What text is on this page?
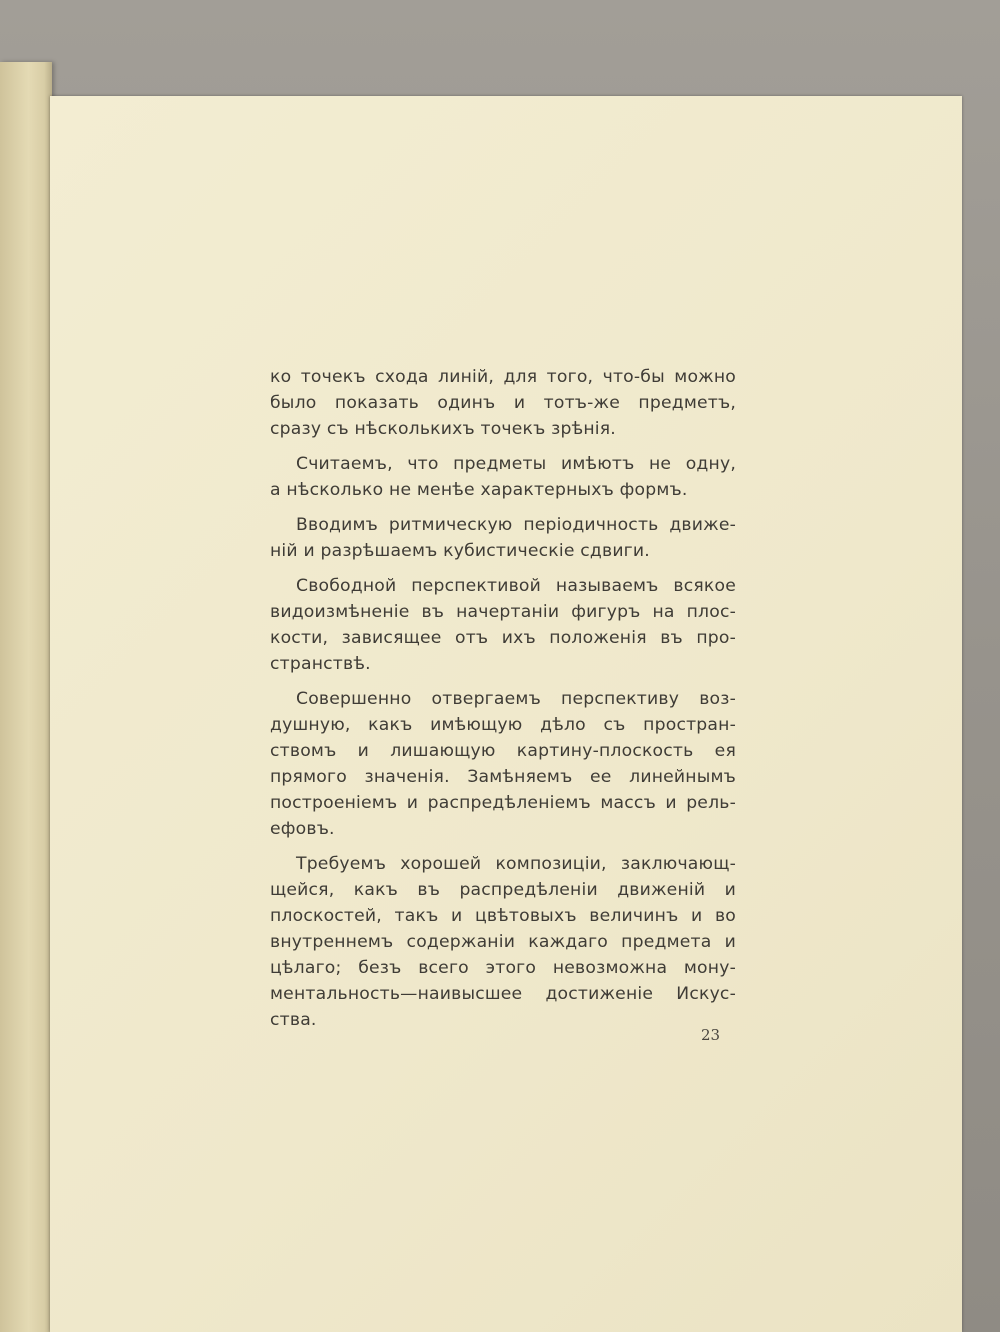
ко точекъ схода линій, для того, что-бы можно
было показать одинъ и тотъ-же предметъ,
сразу съ нѣсколькихъ точекъ зрѣнія.
Считаемъ, что предметы имѣютъ не одну,
а нѣсколько не менѣе характерныхъ формъ.
Вводимъ ритмическую періодичность движе-
ній и разрѣшаемъ кубистическіе сдвиги.
Свободной перспективой называемъ всякое
видоизмѣненіе въ начертаніи фигуръ на плос-
кости, зависящее отъ ихъ положенія въ про-
странствѣ.
Совершенно отвергаемъ перспективу воз-
душную, какъ имѣющую дѣло съ простран-
ствомъ и лишающую картину-плоскость ея
прямого значенія. Замѣняемъ ее линейнымъ
построеніемъ и распредѣленіемъ массъ и рель-
ефовъ.
Требуемъ хорошей композиціи, заключающ-
щейся, какъ въ распредѣленіи движеній и
плоскостей, такъ и цвѣтовыхъ величинъ и во
внутреннемъ содержаніи каждаго предмета и
цѣлаго; безъ всего этого невозможна мону-
ментальность—наивысшее достиженіе Искус-
ства.
23
